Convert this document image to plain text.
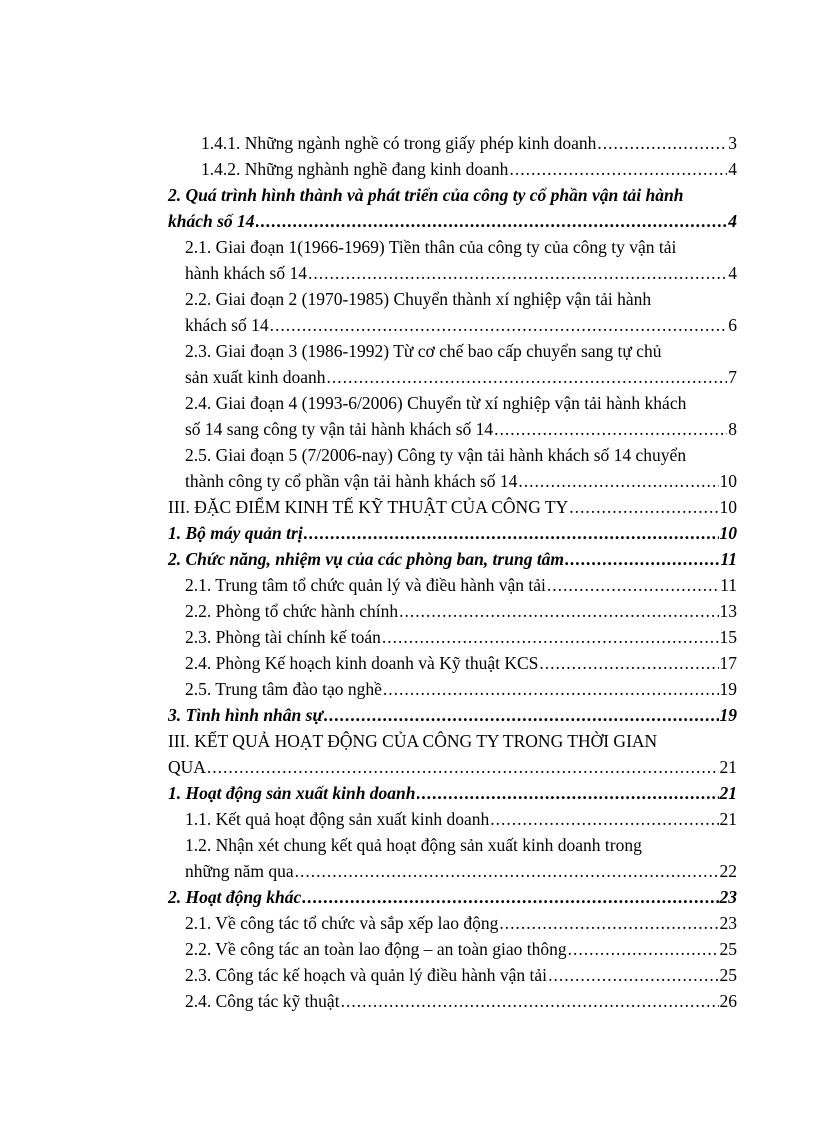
1.4.1. Những ngành nghề có trong giấy phép kinh doanh .....	3
1.4.2. Những nghành nghề đang kinh doanh .....	4
2. Quá trình hình thành và phát triển của công ty cổ phần vận tải hành
khách số 14 .....	4
2.1. Giai đoạn 1(1966-1969) Tiền thân của công ty của công ty vận tải
hành khách số 14 .....	4
2.2. Giai đoạn 2 (1970-1985) Chuyển thành xí nghiệp vận tải hành
khách số 14 .....	6
2.3. Giai đoạn 3 (1986-1992) Từ cơ chế bao cấp chuyển sang tự chủ
sản xuất kinh doanh .....	7
2.4. Giai đoạn 4 (1993-6/2006) Chuyển từ xí nghiệp vận tải hành khách
số 14 sang công ty vận tải hành khách số 14 .....	8
2.5. Giai đoạn 5 (7/2006-nay) Công ty vận tải hành khách số 14 chuyển
thành công ty cổ phần vận tải hành khách số 14 .....	10
III. ĐẶC ĐIỂM KINH TẾ KỸ THUẬT CỦA CÔNG TY .....	10
1. Bộ máy quản trị .....	10
2. Chức năng, nhiệm vụ của các phòng ban, trung tâm .....	11
2.1. Trung tâm tổ chức quản lý và điều hành vận tải .....	11
2.2. Phòng tổ chức hành chính .....	13
2.3. Phòng tài chính kế toán .....	15
2.4. Phòng Kế hoạch kinh doanh và Kỹ thuật KCS .....	17
2.5. Trung tâm đào tạo nghề .....	19
3. Tình hình nhân sự .....	19
III. KẾT QUẢ HOẠT ĐỘNG CỦA CÔNG TY TRONG THỜI GIAN
QUA .....	21
1. Hoạt động sản xuất kinh doanh .....	21
1.1. Kết quả hoạt động sản xuất kinh doanh .....	21
1.2. Nhận xét chung kết quả hoạt động sản xuất kinh doanh trong
những năm qua .....	22
2. Hoạt động khác .....	23
2.1. Về công tác tổ chức và sắp xếp lao động .....	23
2.2. Về công tác an toàn lao động – an toàn giao thông .....	25
2.3. Công tác kế hoạch và quản lý điều hành vận tải .....	25
2.4. Công tác kỹ thuật .....	26
